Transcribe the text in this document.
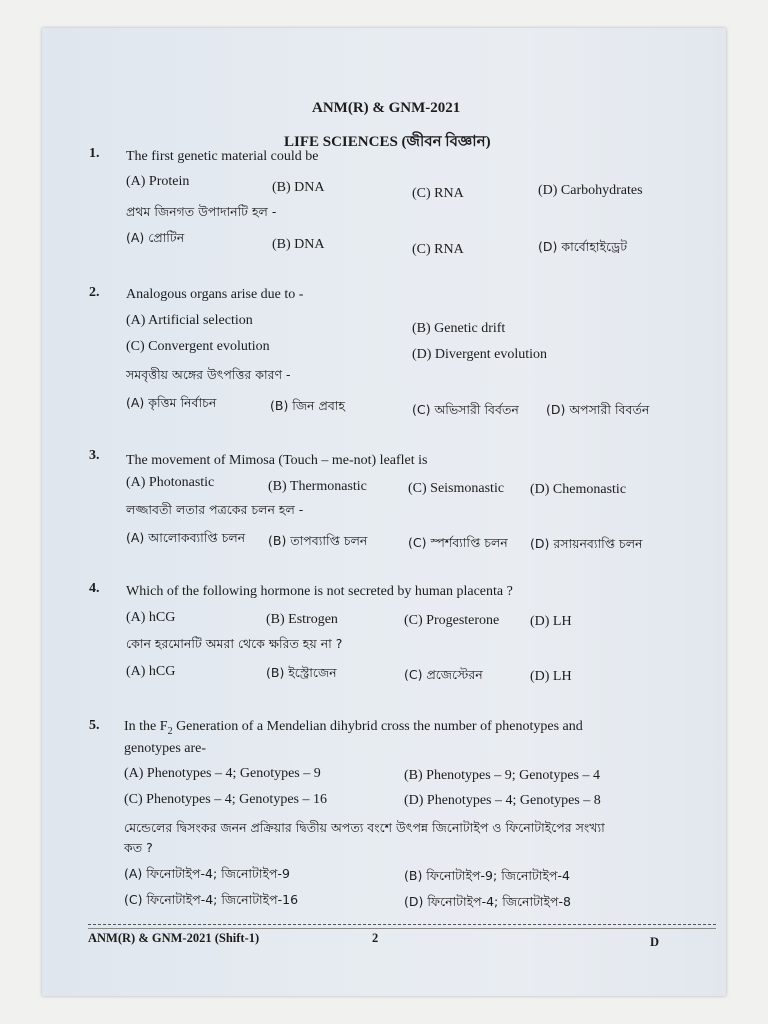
ANM(R) & GNM-2021
LIFE SCIENCES (জীবন বিজ্ঞান)
1. The first genetic material could be
(A) Protein	(B) DNA	(C) RNA	(D) Carbohydrates
প্রথম জিনগত উপাদানটি হল -
(A) প্রোটিন	(B) DNA	(C) RNA	(D) কার্বোহাইড্রেট
2. Analogous organs arise due to -
(A) Artificial selection
(B) Genetic drift
(C) Convergent evolution
(D) Divergent evolution
সমবৃত্তীয় অঙ্গের উৎপত্তির কারণ -
(A) কৃত্তিম নির্বাচন	(B) জিন প্রবাহ	(C) অভিসারী বির্বতন (D) অপসারী বিবর্তন
3. The movement of Mimosa (Touch – me-not) leaflet is
(A) Photonastic	(B) Thermonastic	(C) Seismonastic (D) Chemonastic
লজ্জাবতী লতার পত্রকের চলন হল -
(A) আলোকব্যাপ্তি চলন (B) তাপব্যাপ্তি চলন	(C) স্পর্শব্যাপ্তি চলন (D) রসায়নব্যাপ্তি চলন
4. Which of the following hormone is not secreted by human placenta ?
(A) hCG	(B) Estrogen	(C) Progesterone (D) LH
কোন হরমোনটি অমরা থেকে ক্ষরিত হয় না ?
(A) hCG	(B) ইস্ট্রোজেন	(C) প্রজেস্টেরন	(D) LH
5. In the $F_2$ Generation of a Mendelian dihybrid cross the number of phenotypes and
genotypes are-
(A) Phenotypes – 4; Genotypes – 9	(B) Phenotypes – 9; Genotypes – 4
(C) Phenotypes – 4; Genotypes – 16	(D) Phenotypes – 4; Genotypes – 8
মেন্ডেলের দ্বিসংকর জনন প্রক্রিয়ার দ্বিতীয় অপত্য বংশে উৎপন্ন জিনোটাইপ ও ফিনোটাইপের সংখ্যা
কত ?
(A) ফিনোটাইপ-4; জিনোটাইপ-9	(B) ফিনোটাইপ-9; জিনোটাইপ-4
(C) ফিনোটাইপ-4; জিনোটাইপ-16	(D) ফিনোটাইপ-4; জিনোটাইপ-8
ANM(R) & GNM-2021 (Shift-1)	2	D
